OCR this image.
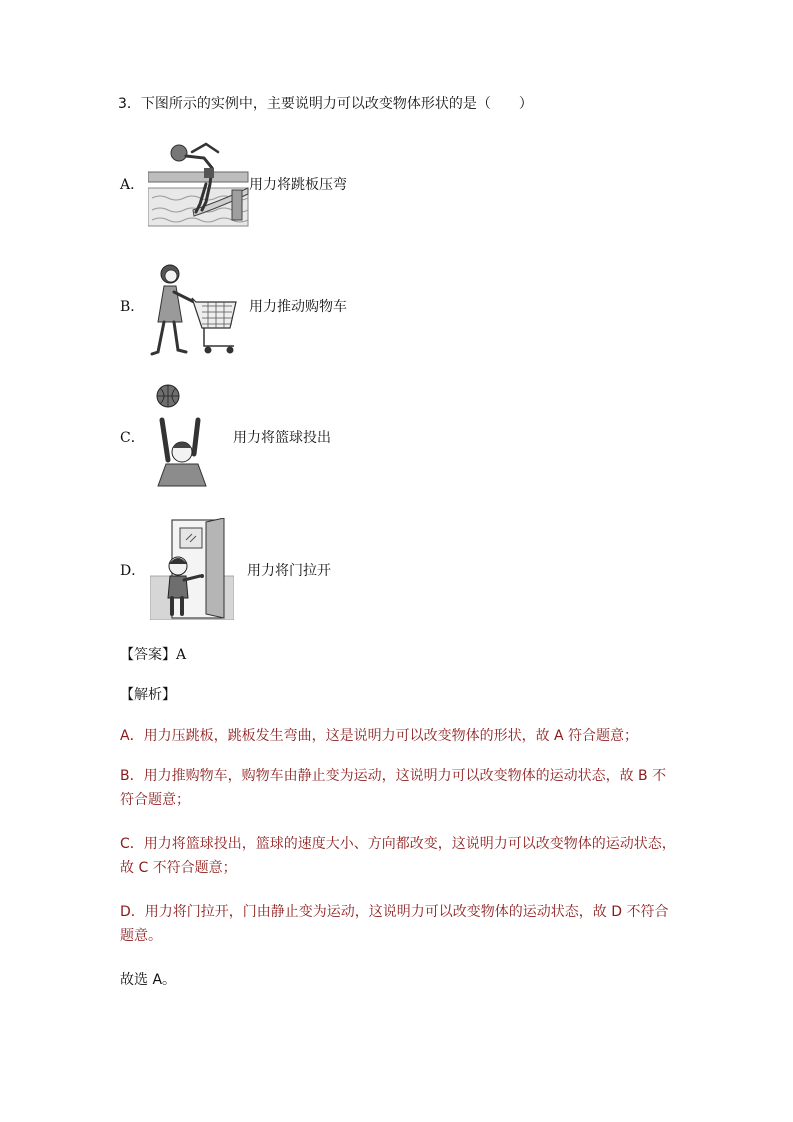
3．下图所示的实例中，主要说明力可以改变物体形状的是（　　）
A．	用力将跳板压弯
B．	用力推动购物车
C．	用力将篮球投出
D．	用力将门拉开
【答案】A
【解析】
A．用力压跳板，跳板发生弯曲，这是说明力可以改变物体的形状，故 A 符合题意；
B．用力推购物车，购物车由静止变为运动，这说明力可以改变物体的运动状态，故 B 不符合题意；
C．用力将篮球投出，篮球的速度大小、方向都改变，这说明力可以改变物体的运动状态，故 C 不符合题意；
D．用力将门拉开，门由静止变为运动，这说明力可以改变物体的运动状态，故 D 不符合题意。
故选 A。
